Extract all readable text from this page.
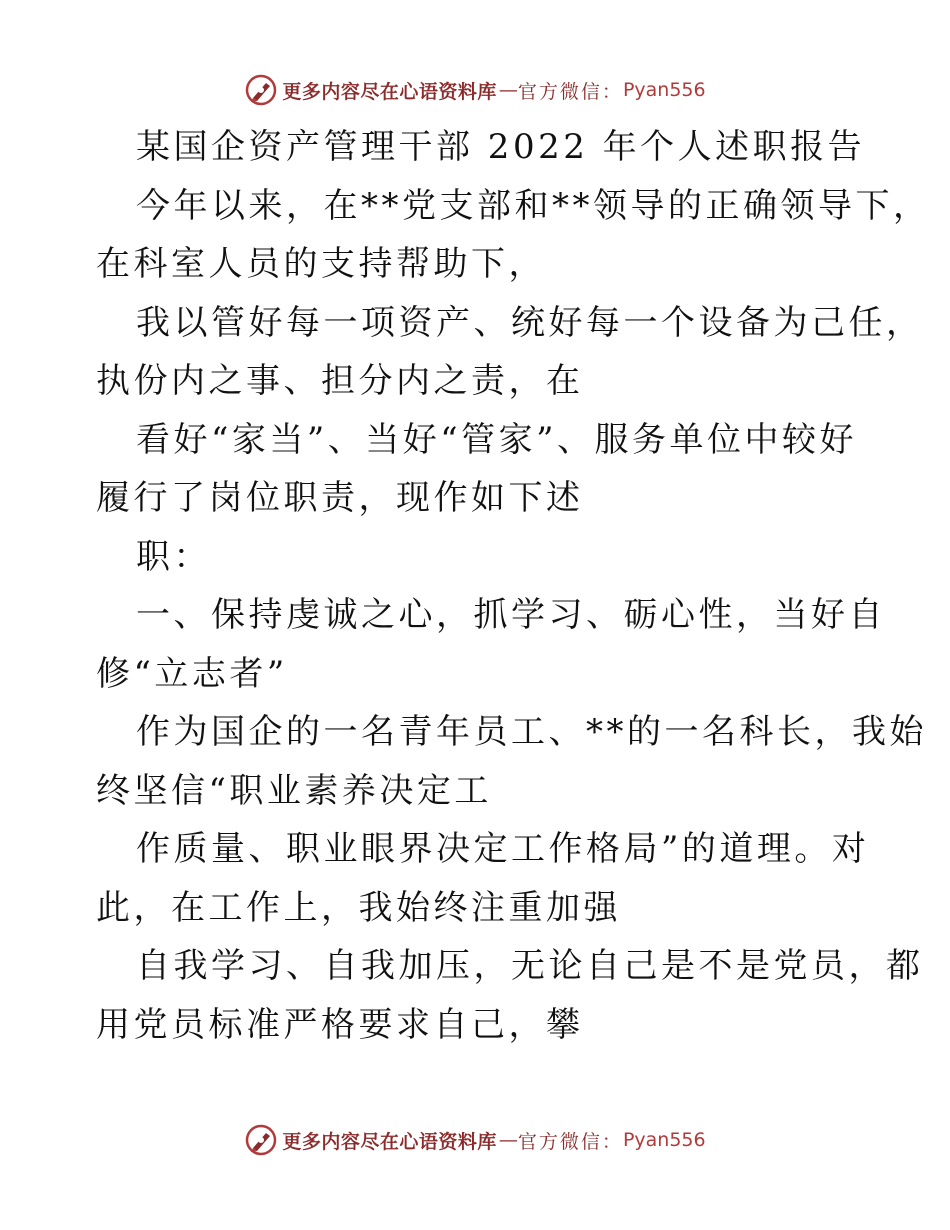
更多内容尽在心语资料库 — 官方微信： Pyan556
某国企资产管理干部 2022 年个人述职报告
今年以来，在**党支部和**领导的正确领导下，
在科室人员的支持帮助下，
我以管好每一项资产、统好每一个设备为己任，
执份内之事、担分内之责，在
看好“家当”、当好“管家”、服务单位中较好
履行了岗位职责，现作如下述
职：
一、保持虔诚之心，抓学习、砺心性，当好自
修“立志者”
作为国企的一名青年员工、**的一名科长，我始
终坚信“职业素养决定工
作质量、职业眼界决定工作格局”的道理。对
此，在工作上，我始终注重加强
自我学习、自我加压，无论自己是不是党员，都
用党员标准严格要求自己，攀
更多内容尽在心语资料库 — 官方微信： Pyan556
